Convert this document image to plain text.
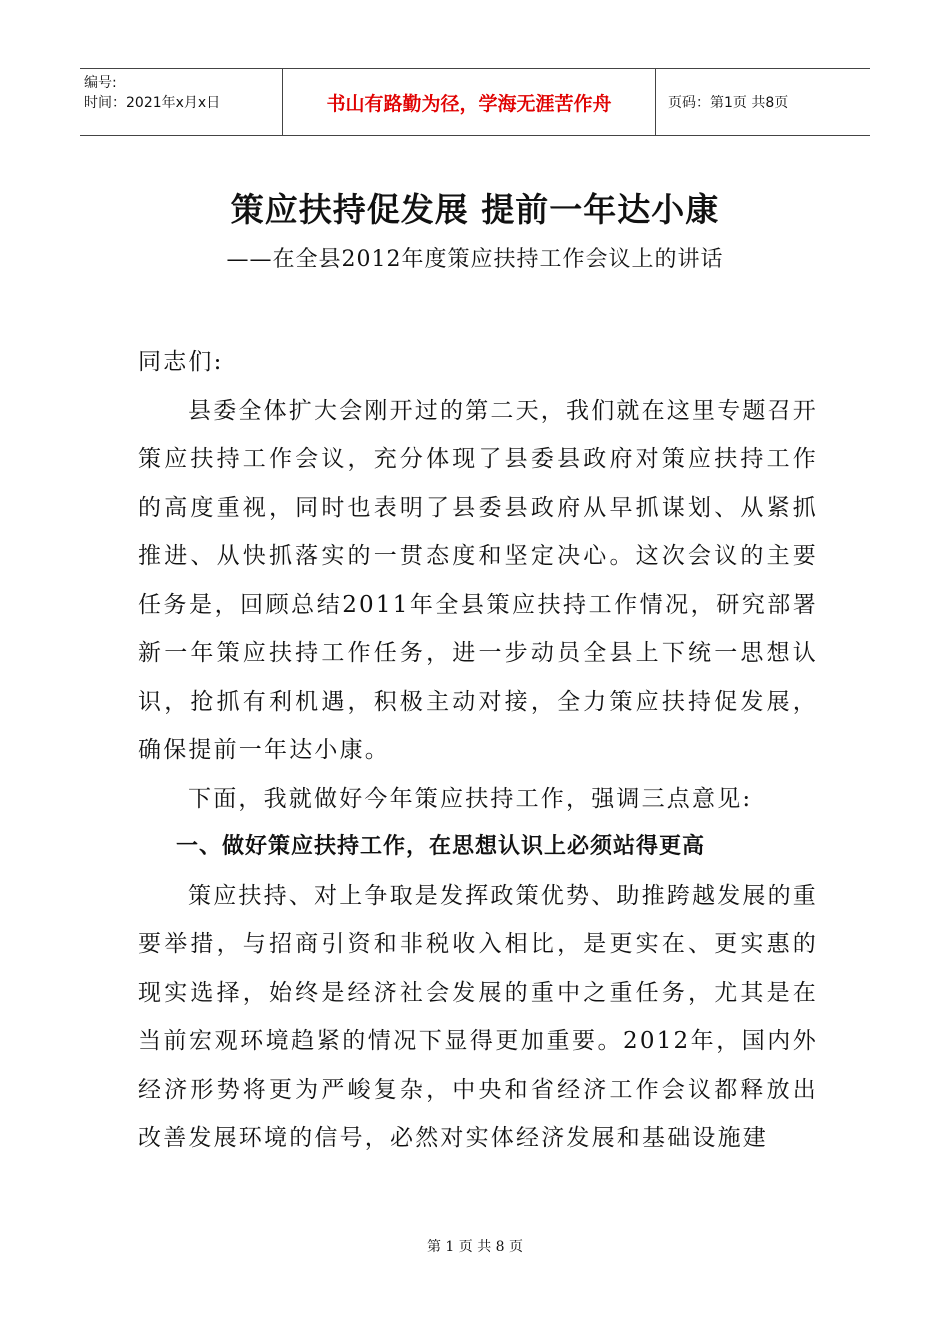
编号:
时间：2021年x月x日	书山有路勤为径，学海无涯苦作舟	页码：第1页 共8页
策应扶持促发展 提前一年达小康
——在全县2012年度策应扶持工作会议上的讲话

同志们:

县委全体扩大会刚开过的第二天，我们就在这里专题召开策应扶持工作会议，充分体现了县委县政府对策应扶持工作的高度重视，同时也表明了县委县政府从早抓谋划、从紧抓推进、从快抓落实的一贯态度和坚定决心。这次会议的主要任务是，回顾总结2011年全县策应扶持工作情况，研究部署新一年策应扶持工作任务，进一步动员全县上下统一思想认识，抢抓有利机遇，积极主动对接，全力策应扶持促发展，确保提前一年达小康。

下面，我就做好今年策应扶持工作，强调三点意见:

一、做好策应扶持工作，在思想认识上必须站得更高

策应扶持、对上争取是发挥政策优势、助推跨越发展的重要举措，与招商引资和非税收入相比，是更实在、更实惠的现实选择，始终是经济社会发展的重中之重任务，尤其是在当前宏观环境趋紧的情况下显得更加重要。2012年，国内外经济形势将更为严峻复杂，中央和省经济工作会议都释放出改善发展环境的信号，必然对实体经济发展和基础设施建

第 1 页 共 8 页
